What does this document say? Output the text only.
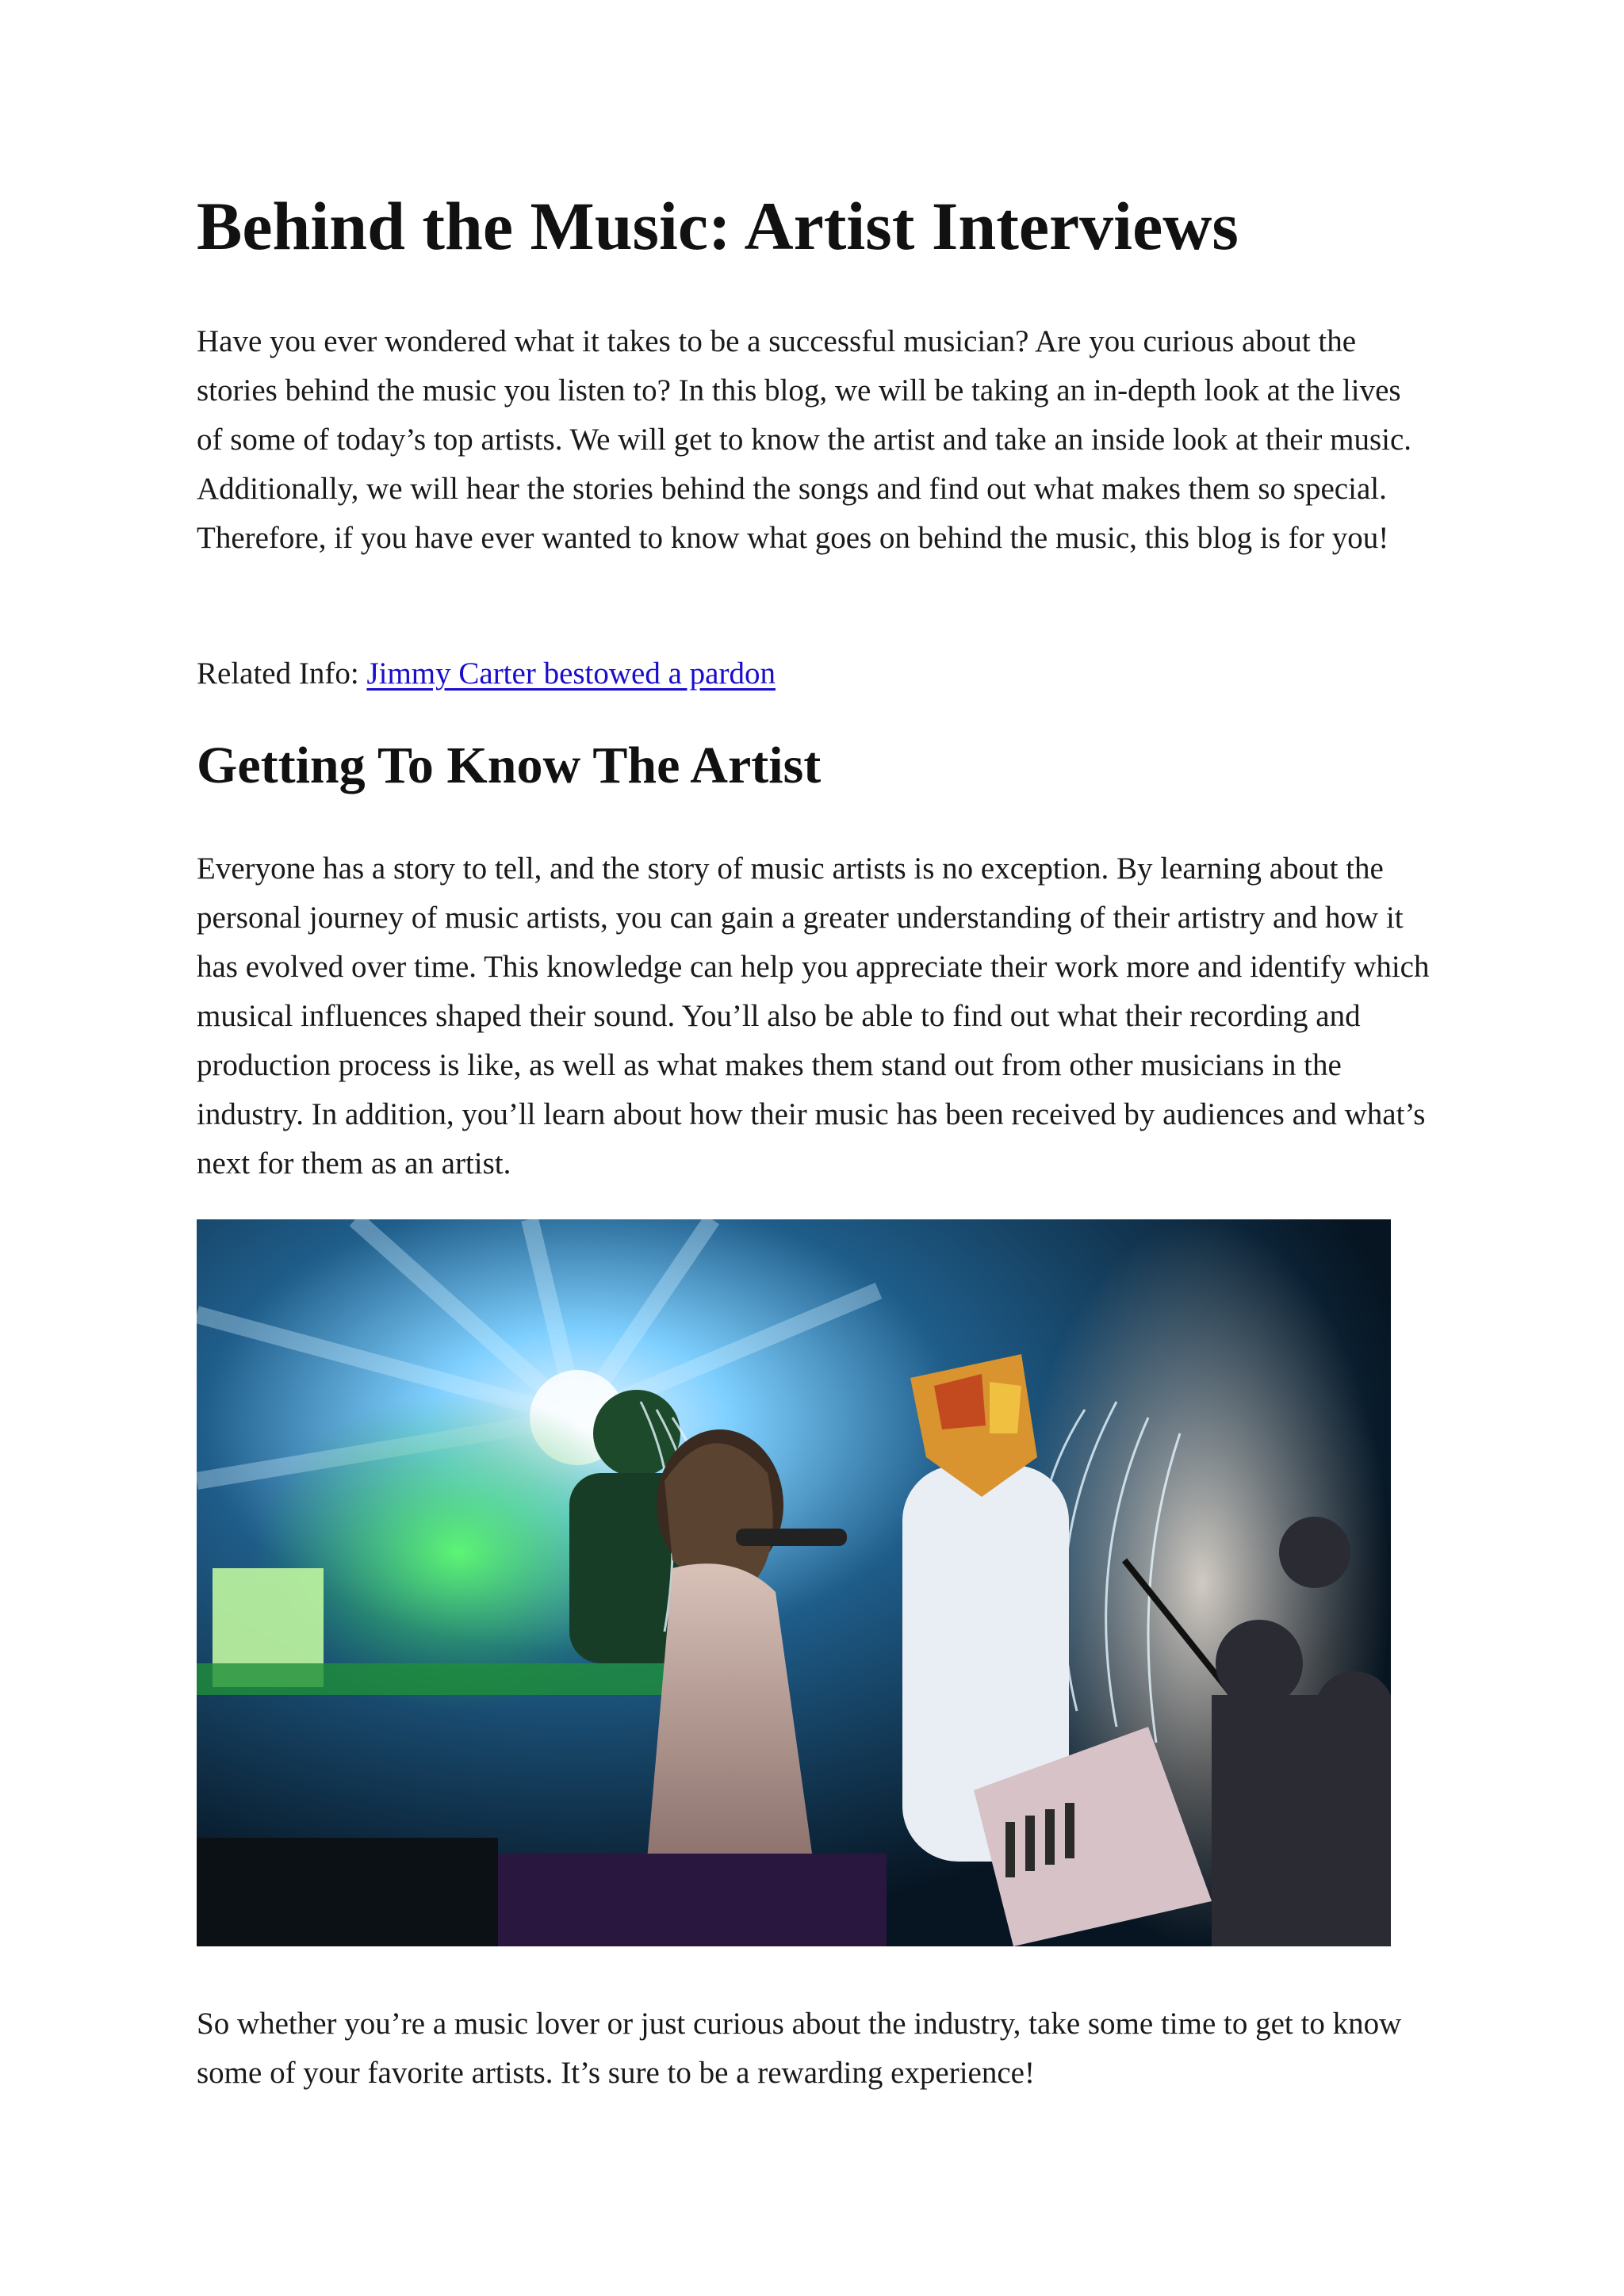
Behind the Music: Artist Interviews

Have you ever wondered what it takes to be a successful musician? Are you curious about the stories behind the music you listen to? In this blog, we will be taking an in-depth look at the lives of some of today’s top artists. We will get to know the artist and take an inside look at their music. Additionally, we will hear the stories behind the songs and find out what makes them so special. Therefore, if you have ever wanted to know what goes on behind the music, this blog is for you!

Related Info: Jimmy Carter bestowed a pardon

Getting To Know The Artist

Everyone has a story to tell, and the story of music artists is no exception. By learning about the personal journey of music artists, you can gain a greater understanding of their artistry and how it has evolved over time. This knowledge can help you appreciate their work more and identify which musical influences shaped their sound. You’ll also be able to find out what their recording and production process is like, as well as what makes them stand out from other musicians in the industry. In addition, you’ll learn about how their music has been received by audiences and what’s next for them as an artist.

So whether you’re a music lover or just curious about the industry, take some time to get to know some of your favorite artists. It’s sure to be a rewarding experience!
